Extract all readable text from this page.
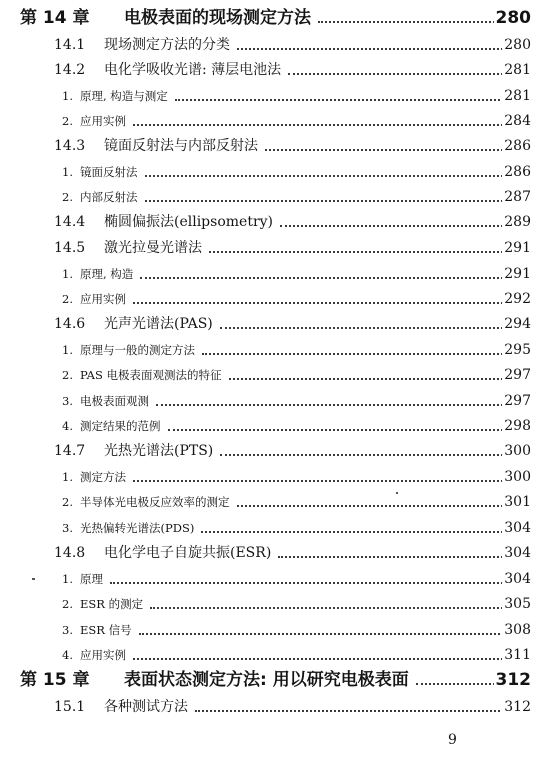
第 14 章 电极表面的现场测定方法	280
14.1 现场测定方法的分类	280
14.2 电化学吸收光谱: 薄层电池法	281
1. 原理, 构造与测定	281
2. 应用实例	284
14.3 镜面反射法与内部反射法	286
1. 镜面反射法	286
2. 内部反射法	287
14.4 椭圆偏振法(ellipsometry)	289
14.5 激光拉曼光谱法	291
1. 原理, 构造	291
2. 应用实例	292
14.6 光声光谱法(PAS)	294
1. 原理与一般的测定方法	295
2. PAS 电极表面观测法的特征	297
3. 电极表面观测	297
4. 测定结果的范例	298
14.7 光热光谱法(PTS)	300
1. 测定方法	300
2. 半导体光电极反应效率的测定	301
3. 光热偏转光谱法(PDS)	304
14.8 电化学电子自旋共振(ESR)	304
1. 原理	304
2. ESR 的测定	305
3. ESR 信号	308
4. 应用实例	311
第 15 章 表面状态测定方法: 用以研究电极表面	312
15.1 各种测试方法	312
9
